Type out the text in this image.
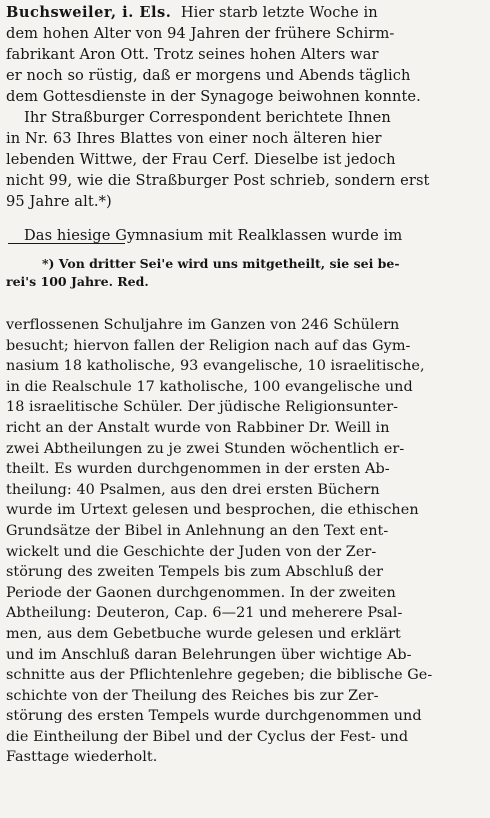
Buchsweiler, i. Els. Hier starb letzte Woche in
dem hohen Alter von 94 Jahren der frühere Schirm-
fabrikant Aron Ott. Trotz seines hohen Alters war
er noch so rüstig, daß er morgens und Abends täglich
dem Gottesdienste in der Synagoge beiwohnen konnte.
Ihr Straßburger Correspondent berichtete Ihnen
in Nr. 63 Ihres Blattes von einer noch älteren hier
lebenden Wittwe, der Frau Cerf. Dieselbe ist jedoch
nicht 99, wie die Straßburger Post schrieb, sondern erst
95 Jahre alt.*)
Das hiesige Gymnasium mit Realklassen wurde im
*) Von dritter Sei'e wird uns mitgetheilt, sie sei be-
rei's 100 Jahre. Red.
verflossenen Schuljahre im Ganzen von 246 Schülern
besucht; hiervon fallen der Religion nach auf das Gym-
nasium 18 katholische, 93 evangelische, 10 israelitische,
in die Realschule 17 katholische, 100 evangelische und
18 israelitische Schüler. Der jüdische Religionsunter-
richt an der Anstalt wurde von Rabbiner Dr. Weill in
zwei Abtheilungen zu je zwei Stunden wöchentlich er-
theilt. Es wurden durchgenommen in der ersten Ab-
theilung: 40 Psalmen, aus den drei ersten Büchern
wurde im Urtext gelesen und besprochen, die ethischen
Grundsätze der Bibel in Anlehnung an den Text ent-
wickelt und die Geschichte der Juden von der Zer-
störung des zweiten Tempels bis zum Abschluß der
Periode der Gaonen durchgenommen. In der zweiten
Abtheilung: Deuteron, Cap. 6—21 und meherere Psal-
men, aus dem Gebetbuche wurde gelesen und erklärt
und im Anschluß daran Belehrungen über wichtige Ab-
schnitte aus der Pflichtenlehre gegeben; die biblische Ge-
schichte von der Theilung des Reiches bis zur Zer-
störung des ersten Tempels wurde durchgenommen und
die Eintheilung der Bibel und der Cyclus der Fest- und
Fasttage wiederholt.
